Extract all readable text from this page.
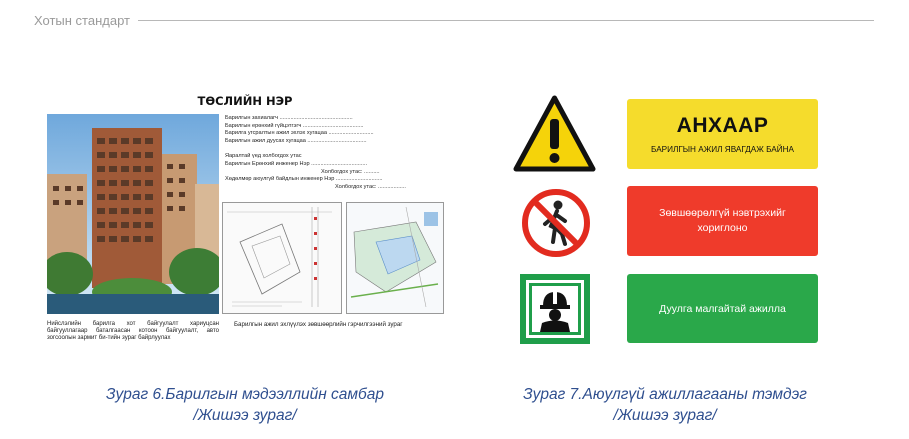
Хотын стандарт
ТӨСЛИЙН НЭР
Нийслэлийн барилга хот байгуулалт хариуцсан байгууллагаар баталгаасан котоон байгуулалт, авто зогсоолын зармит би-тийн зураг байрлуулах
Барилгын захиалагч ...............................................
Барилгын ерөнхий гүйцэтгэгч .......................................
Барилга угсралтын ажил эхлэх хугацаа .............................
Барилгын ажил дуусах хугацаа ......................................
Яаралтай үед холбогдох утас
Барилгын Ерөнхий инженер Нэр ....................................
Холбогдох утас: ..........
Хөдөлмөр аюулгүй байдлын инженер Нэр ..............................
Холбогдох утас: ..................
Барилгын ажил эхлүүлэх зөвшөөрлийн гэрчилгээний зураг
АНХААР
БАРИЛГЫН АЖИЛ ЯВАГДАЖ БАЙНА
Зөвшөөрөлгүй нэвтрэхийг
хориглоно
Дуулга малгайтай ажилла
Зураг 6.Барилгын мэдээллийн самбар
/Жишээ зураг/
Зураг 7.Аюулгүй ажиллагааны тэмдэг
/Жишээ зураг/
